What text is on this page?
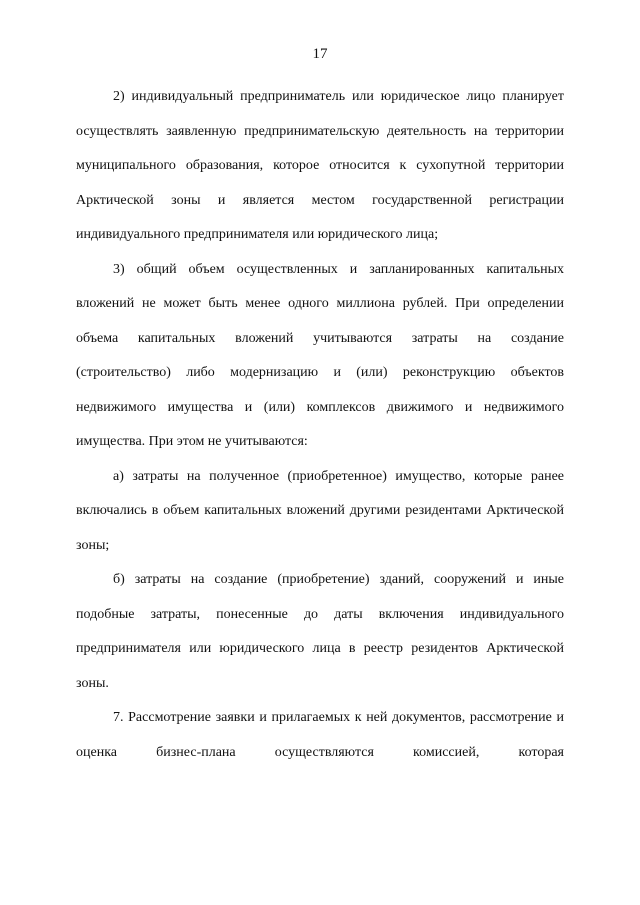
17

2) индивидуальный предприниматель или юридическое лицо планирует осуществлять заявленную предпринимательскую деятельность на территории муниципального образования, которое относится к сухопутной территории Арктической зоны и является местом государственной регистрации индивидуального предпринимателя или юридического лица;

3) общий объем осуществленных и запланированных капитальных вложений не может быть менее одного миллиона рублей. При определении объема капитальных вложений учитываются затраты на создание (строительство) либо модернизацию и (или) реконструкцию объектов недвижимого имущества и (или) комплексов движимого и недвижимого имущества. При этом не учитываются:

а) затраты на полученное (приобретенное) имущество, которые ранее включались в объем капитальных вложений другими резидентами Арктической зоны;

б) затраты на создание (приобретение) зданий, сооружений и иные подобные затраты, понесенные до даты включения индивидуального предпринимателя или юридического лица в реестр резидентов Арктической зоны.

7. Рассмотрение заявки и прилагаемых к ней документов, рассмотрение и оценка бизнес-плана осуществляются комиссией, которая
